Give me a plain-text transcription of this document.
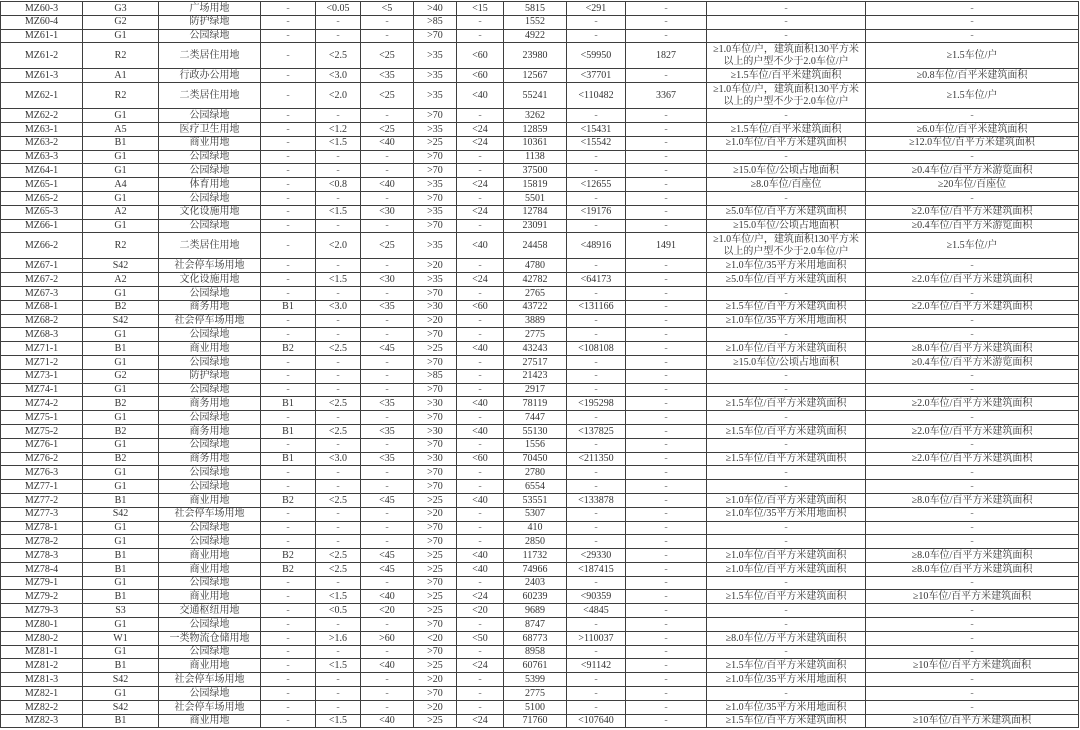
MZ60-3	G3	广场用地	-	<0.05	<5	>40	<15	5815	<291	-	-	-
MZ60-4	G2	防护绿地	-	-	-	>85	-	1552	-	-	-	-
MZ61-1	G1	公园绿地	-	-	-	>70	-	4922	-	-	-	-
MZ61-2	R2	二类居住用地	-	<2.5	<25	>35	<60	23980	<59950	1827	≥1.0车位/户，建筑面积130平方米以上的户型不少于2.0车位/户	≥1.5车位/户
MZ61-3	A1	行政办公用地	-	<3.0	<35	>35	<60	12567	<37701	-	≥1.5车位/百平米建筑面积	≥0.8车位/百平米建筑面积
MZ62-1	R2	二类居住用地	-	<2.0	<25	>35	<40	55241	<110482	3367	≥1.0车位/户，建筑面积130平方米以上的户型不少于2.0车位/户	≥1.5车位/户
MZ62-2	G1	公园绿地	-	-	-	>70	-	3262	-	-	-	-
MZ63-1	A5	医疗卫生用地	-	<1.2	<25	>35	<24	12859	<15431	-	≥1.5车位/百平米建筑面积	≥6.0车位/百平米建筑面积
MZ63-2	B1	商业用地	-	<1.5	<40	>25	<24	10361	<15542	-	≥1.0车位/百平方米建筑面积	≥12.0车位/百平方米建筑面积
MZ63-3	G1	公园绿地	-	-	-	>70	-	1138	-	-	-	-
MZ64-1	G1	公园绿地	-	-	-	>70	-	37500	-	-	≥15.0车位/公顷占地面积	≥0.4车位/百平方米游览面积
MZ65-1	A4	体育用地	-	<0.8	<40	>35	<24	15819	<12655	-	≥8.0车位/百座位	≥20车位/百座位
MZ65-2	G1	公园绿地	-	-	-	>70	-	5501	-	-	-	-
MZ65-3	A2	文化设施用地	-	<1.5	<30	>35	<24	12784	<19176	-	≥5.0车位/百平方米建筑面积	≥2.0车位/百平方米建筑面积
MZ66-1	G1	公园绿地	-	-	-	>70	-	23091	-	-	≥15.0车位/公顷占地面积	≥0.4车位/百平方米游览面积
MZ66-2	R2	二类居住用地	-	<2.0	<25	>35	<40	24458	<48916	1491	≥1.0车位/户，建筑面积130平方米以上的户型不少于2.0车位/户	≥1.5车位/户
MZ67-1	S42	社会停车场用地	-	-	-	>20	-	4780	-	-	≥1.0车位/35平方米用地面积	-
MZ67-2	A2	文化设施用地	-	<1.5	<30	>35	<24	42782	<64173	-	≥5.0车位/百平方米建筑面积	≥2.0车位/百平方米建筑面积
MZ67-3	G1	公园绿地	-	-	-	>70	-	2765	-	-	-	-
MZ68-1	B2	商务用地	B1	<3.0	<35	>30	<60	43722	<131166	-	≥1.5车位/百平方米建筑面积	≥2.0车位/百平方米建筑面积
MZ68-2	S42	社会停车场用地	-	-	-	>20	-	3889	-	-	≥1.0车位/35平方米用地面积	-
MZ68-3	G1	公园绿地	-	-	-	>70	-	2775	-	-	-	-
MZ71-1	B1	商业用地	B2	<2.5	<45	>25	<40	43243	<108108	-	≥1.0车位/百平方米建筑面积	≥8.0车位/百平方米建筑面积
MZ71-2	G1	公园绿地	-	-	-	>70	-	27517	-	-	≥15.0车位/公顷占地面积	≥0.4车位/百平方米游览面积
MZ73-1	G2	防护绿地	-	-	-	>85	-	21423	-	-	-	-
MZ74-1	G1	公园绿地	-	-	-	>70	-	2917	-	-	-	-
MZ74-2	B2	商务用地	B1	<2.5	<35	>30	<40	78119	<195298	-	≥1.5车位/百平方米建筑面积	≥2.0车位/百平方米建筑面积
MZ75-1	G1	公园绿地	-	-	-	>70	-	7447	-	-	-	-
MZ75-2	B2	商务用地	B1	<2.5	<35	>30	<40	55130	<137825	-	≥1.5车位/百平方米建筑面积	≥2.0车位/百平方米建筑面积
MZ76-1	G1	公园绿地	-	-	-	>70	-	1556	-	-	-	-
MZ76-2	B2	商务用地	B1	<3.0	<35	>30	<60	70450	<211350	-	≥1.5车位/百平方米建筑面积	≥2.0车位/百平方米建筑面积
MZ76-3	G1	公园绿地	-	-	-	>70	-	2780	-	-	-	-
MZ77-1	G1	公园绿地	-	-	-	>70	-	6554	-	-	-	-
MZ77-2	B1	商业用地	B2	<2.5	<45	>25	<40	53551	<133878	-	≥1.0车位/百平方米建筑面积	≥8.0车位/百平方米建筑面积
MZ77-3	S42	社会停车场用地	-	-	-	>20	-	5307	-	-	≥1.0车位/35平方米用地面积	-
MZ78-1	G1	公园绿地	-	-	-	>70	-	410	-	-	-	-
MZ78-2	G1	公园绿地	-	-	-	>70	-	2850	-	-	-	-
MZ78-3	B1	商业用地	B2	<2.5	<45	>25	<40	11732	<29330	-	≥1.0车位/百平方米建筑面积	≥8.0车位/百平方米建筑面积
MZ78-4	B1	商业用地	B2	<2.5	<45	>25	<40	74966	<187415	-	≥1.0车位/百平方米建筑面积	≥8.0车位/百平方米建筑面积
MZ79-1	G1	公园绿地	-	-	-	>70	-	2403	-	-	-	-
MZ79-2	B1	商业用地	-	<1.5	<40	>25	<24	60239	<90359	-	≥1.5车位/百平方米建筑面积	≥10车位/百平方米建筑面积
MZ79-3	S3	交通枢纽用地	-	<0.5	<20	>25	<20	9689	<4845	-	-	-
MZ80-1	G1	公园绿地	-	-	-	>70	-	8747	-	-	-	-
MZ80-2	W1	一类物流仓储用地	-	>1.6	>60	<20	<50	68773	>110037	-	≥8.0车位/万平方米建筑面积	-
MZ81-1	G1	公园绿地	-	-	-	>70	-	8958	-	-	-	-
MZ81-2	B1	商业用地	-	<1.5	<40	>25	<24	60761	<91142	-	≥1.5车位/百平方米建筑面积	≥10车位/百平方米建筑面积
MZ81-3	S42	社会停车场用地	-	-	-	>20	-	5399	-	-	≥1.0车位/35平方米用地面积	-
MZ82-1	G1	公园绿地	-	-	-	>70	-	2775	-	-	-	-
MZ82-2	S42	社会停车场用地	-	-	-	>20	-	5100	-	-	≥1.0车位/35平方米用地面积	-
MZ82-3	B1	商业用地	-	<1.5	<40	>25	<24	71760	<107640	-	≥1.5车位/百平方米建筑面积	≥10车位/百平方米建筑面积
